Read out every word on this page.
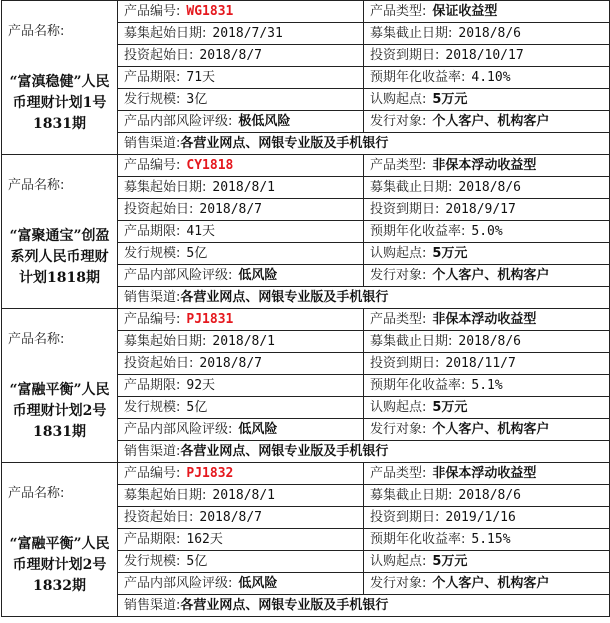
产品名称:
“富滇稳健”人民币理财计划1号1831期	产品编号: WG1831	产品类型: 保证收益型
	募集起始日期: 2018/7/31	募集截止日期: 2018/8/6
	投资起始日: 2018/8/7	投资到期日: 2018/10/17
	产品期限: 71天	预期年化收益率: 4.10%
	发行规模: 3亿	认购起点: 5万元
	产品内部风险评级: 极低风险	发行对象: 个人客户、机构客户
	销售渠道:各营业网点、网银专业版及手机银行	

产品名称:
“富聚通宝”创盈系列人民币理财计划1818期	产品编号: CY1818	产品类型: 非保本浮动收益型
	募集起始日期: 2018/8/1	募集截止日期: 2018/8/6
	投资起始日: 2018/8/7	投资到期日: 2018/9/17
	产品期限: 41天	预期年化收益率: 5.0%
	发行规模: 5亿	认购起点: 5万元
	产品内部风险评级: 低风险	发行对象: 个人客户、机构客户
	销售渠道:各营业网点、网银专业版及手机银行	

产品名称:
“富融平衡”人民币理财计划2号1831期	产品编号: PJ1831	产品类型: 非保本浮动收益型
	募集起始日期: 2018/8/1	募集截止日期: 2018/8/6
	投资起始日: 2018/8/7	投资到期日: 2018/11/7
	产品期限: 92天	预期年化收益率: 5.1%
	发行规模: 5亿	认购起点: 5万元
	产品内部风险评级: 低风险	发行对象: 个人客户、机构客户
	销售渠道:各营业网点、网银专业版及手机银行	

产品名称:
“富融平衡”人民币理财计划2号1832期	产品编号: PJ1832	产品类型: 非保本浮动收益型
	募集起始日期: 2018/8/1	募集截止日期: 2018/8/6
	投资起始日: 2018/8/7	投资到期日: 2019/1/16
	产品期限: 162天	预期年化收益率: 5.15%
	发行规模: 5亿	认购起点: 5万元
	产品内部风险评级: 低风险	发行对象: 个人客户、机构客户
	销售渠道:各营业网点、网银专业版及手机银行	
